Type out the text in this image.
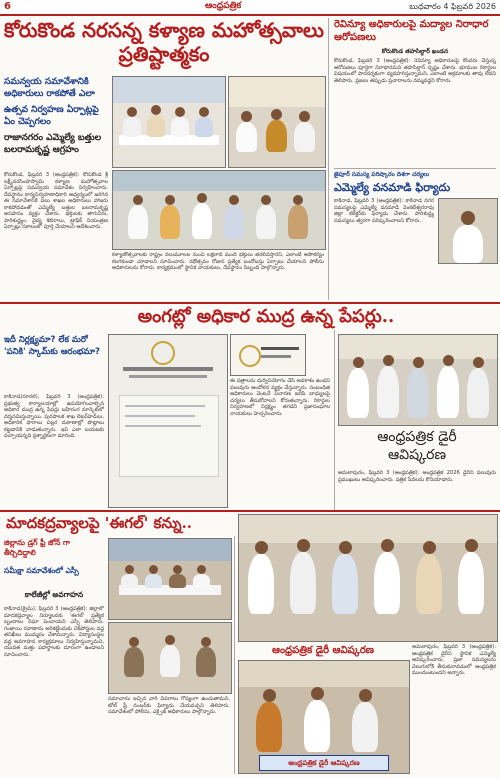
6	ఆంధ్రపత్రిక	బుధవారం 4 ఫిబ్రవరి 2026
కోరుకొండ నరసన్న కళ్యాణ మహోత్సవాలు ప్రతిష్టాత్మకం
సమన్వయ సమావేశానికి అధికారులు రాకపోతే ఎలా
ఉత్సవ నిర్వహణ ఏర్పాట్లపై ఏం చెప్పగలం
రాజానగరం ఎమ్మెల్యే బత్తుల బలరామకృష్ణ ఆగ్రహం

కోరుకొండ, ఫిబ్రవరి 3 (ఆంధ్రపత్రిక): కోరుకొండ శ్రీ లక్ష్మీనరసింహస్వామి కళ్యాణ మహోత్సవాల ఏర్పాట్లపై సమన్వయ సమావేశం నిర్వహించారు. దేవస్థానం కార్యనిర్వహణాధికారి ఆధ్వర్యంలో జరిగిన ఈ సమావేశానికి పలు శాఖల అధికారులు హాజరు కాకపోవడంతో ఎమ్మెల్యే బత్తుల బలరామకృష్ణ అసహనం వ్యక్తం చేశారు. భక్తులకు తాగునీరు, పారిశుద్ధ్యం, వైద్య శిబిరాలు, ట్రాఫిక్ నియంత్రణ ఏర్పాట్లు సకాలంలో పూర్తి చేయాలని ఆదేశించారు.

కళ్యాణోత్సవాలకు రాష్ట్రం నలుమూలల నుంచి లక్షలాది మంది భక్తులు తరలివస్తారని, ఎలాంటి అసౌకర్యం కలగకుండా చూడాలని సూచించారు. రథోత్సవం రోజున ప్రత్యేక బందోబస్తు ఏర్పాటు చేయాలని పోలీసు అధికారులను కోరారు. కార్యక్రమంలో స్థానిక నాయకులు, దేవస్థానం సిబ్బంది పాల్గొన్నారు.

రెవిన్యూ అధికారులపై మద్యాల నిరాధార ఆరోపణలు
కోరుకొండ తహసిల్దార్ ఖండన

కోరుకొండ, ఫిబ్రవరి 3 (ఆంధ్రపత్రిక): రెవిన్యూ అధికారులపై కొందరు చేస్తున్న ఆరోపణలు పూర్తిగా నిరాధారమని తహసిల్దార్ స్పష్టం చేశారు. భూముల రికార్డుల విషయంలో పారదర్శకంగా వ్యవహరిస్తున్నామని, ఎలాంటి అక్రమాలకు తావు లేదని తెలిపారు. ప్రజలు తప్పుడు ప్రచారాలను నమ్మవద్దని కోరారు.

జైపూర్ సమస్య పరిష్కారం దిశగా చర్యలు
ఎమ్మెల్యే వనమాడి ఫిర్యాదు

కాకినాడ, ఫిబ్రవరి 3 (ఆంధ్రపత్రిక): కాకినాడ నగర సమస్యలపై ఎమ్మెల్యే వనమాడి వెంకటేశ్వరరావు జిల్లా కలెక్టర్‌కు ఫిర్యాదు చేశారు. పారిశుద్ధ్య సమస్యలు త్వరగా పరిష్కరించాలని కోరారు.

అంగట్లో అధికార ముద్ర ఉన్న పేపర్లు..
ఇదీ నిర్లక్ష్యమా? లేక మరో 'పనికి' స్కామ్‌కు ఆరంభమా?

కాకినాడ(రూరల్), ఫిబ్రవరి 3 (ఆంధ్రపత్రిక): ప్రభుత్వ కార్యాలయాల్లో ఉపయోగించాల్సిన అధికార ముద్ర ఉన్న పేపర్లు బహిరంగ మార్కెట్‌లో దర్శనమిస్తున్నాయి. పురపాలక శాఖ లెటర్‌హెడ్‌లు, అధికారిక ఫారాలు చిల్లర దుకాణాల్లో పొట్లాలు కట్టడానికి వాడుతున్నారు. ఇవి ఎలా బయటకు వచ్చాయన్నది ప్రశ్నార్థకంగా మారింది.

ఈ పత్రాలను దుర్వినియోగం చేసే అవకాశం ఉందని పలువురు ఆందోళన వ్యక్తం చేస్తున్నారు. సంబంధిత అధికారులు వెంటనే విచారణ జరిపి బాధ్యులపై చర్యలు తీసుకోవాలని కోరుతున్నారు. రికార్డుల నిర్వహణలో నిర్లక్ష్యం తగదని ప్రజాసంఘాల నాయకులు హెచ్చరించారు.

ఆంధ్రపత్రిక డైరీ ఆవిష్కరణ

అమలాపురం, ఫిబ్రవరి 3 (ఆంధ్రపత్రిక): ఆంధ్రపత్రిక 2026 డైరీని పలువురు ప్రముఖులు ఆవిష్కరించారు. పత్రిక సేవలను కొనియాడారు.

మాదకద్రవ్యాలపై 'ఈగల్' కన్ను..
జిల్లాను డ్రగ్ ఫ్రీ జోన్ గా తీర్చిదిద్దాలి
సమీక్షా సమావేశంలో ఎస్పీ
కాలేజీల్లో అవగాహన

కాకినాడ(క్రైమ్), ఫిబ్రవరి 3 (ఆంధ్రపత్రిక): జిల్లాలో మాదకద్రవ్యాల నిర్మూలనకు 'ఈగల్' ప్రత్యేక బృందాలు నిఘా పెంచాయని ఎస్పీ తెలిపారు. గంజాయి రవాణాను అరికట్టేందుకు చెక్‌పోస్టుల వద్ద తనిఖీలు ముమ్మరం చేశామన్నారు. విద్యాసంస్థల వద్ద అవగాహన కార్యక్రమాలు నిర్వహిస్తున్నామని, యువత మత్తు పదార్థాలకు దూరంగా ఉండాలని సూచించారు.

సమాచారం ఇచ్చిన వారి వివరాలు గోప్యంగా ఉంచుతామని, టోల్ ఫ్రీ నంబర్‌కు ఫిర్యాదు చేయవచ్చని తెలిపారు. సమావేశంలో పోలీసు, ఎక్సైజ్ అధికారులు పాల్గొన్నారు.

ఆంధ్రపత్రిక డైరీ ఆవిష్కరణ
ఆంధ్రపత్రిక డైరీ ఆవిష్కరణ

అమలాపురం, ఫిబ్రవరి 3 (ఆంధ్రపత్రిక): ఆంధ్రపత్రిక డైరీని స్థానిక ఎమ్మెల్యే ఆవిష్కరించారు. ప్రజా సమస్యలను వెలుగులోకి తీసుకురావడంలో ఆంధ్రపత్రిక ముందుంటుందని అన్నారు.
